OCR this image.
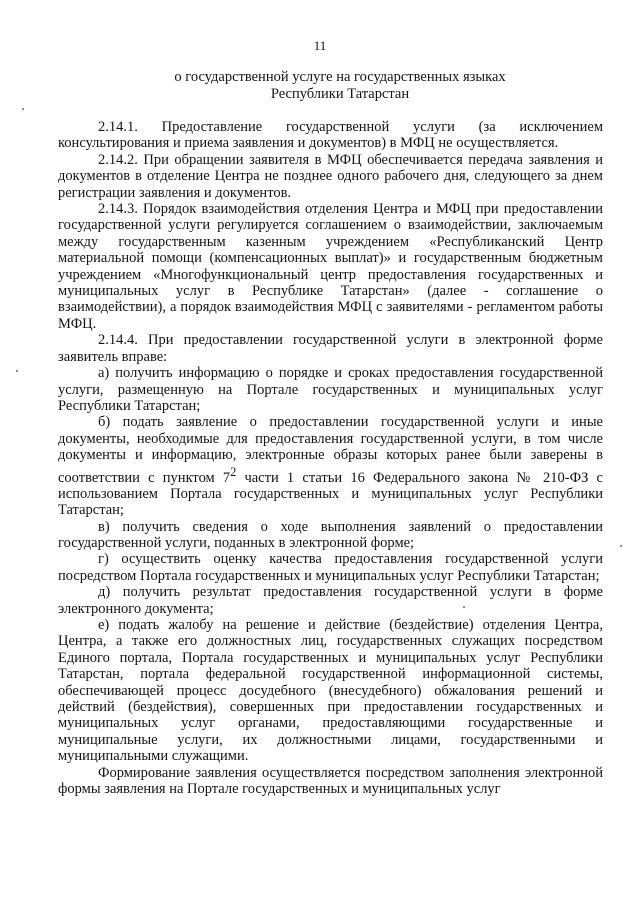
11
о государственной услуге на государственных языках
Республики Татарстан

2.14.1. Предоставление государственной услуги (за исключением консультирования и приема заявления и документов) в МФЦ не осуществляется.

2.14.2. При обращении заявителя в МФЦ обеспечивается передача заявления и документов в отделение Центра не позднее одного рабочего дня, следующего за днем регистрации заявления и документов.

2.14.3. Порядок взаимодействия отделения Центра и МФЦ при предоставлении государственной услуги регулируется соглашением о взаимодействии, заключаемым между государственным казенным учреждением «Республиканский Центр материальной помощи (компенсационных выплат)» и государственным бюджетным учреждением «Многофункциональный центр предоставления государственных и муниципальных услуг в Республике Татарстан» (далее - соглашение о взаимодействии), а порядок взаимодействия МФЦ с заявителями - регламентом работы МФЦ.

2.14.4. При предоставлении государственной услуги в электронной форме заявитель вправе:

а) получить информацию о порядке и сроках предоставления государственной услуги, размещенную на Портале государственных и муниципальных услуг Республики Татарстан;

б) подать заявление о предоставлении государственной услуги и иные документы, необходимые для предоставления государственной услуги, в том числе документы и информацию, электронные образы которых ранее были заверены в соответствии с пунктом $7^2$ части 1 статьи 16 Федерального закона № 210-ФЗ с использованием Портала государственных и муниципальных услуг Республики Татарстан;

в) получить сведения о ходе выполнения заявлений о предоставлении государственной услуги, поданных в электронной форме;

г) осуществить оценку качества предоставления государственной услуги посредством Портала государственных и муниципальных услуг Республики Татарстан;

д) получить результат предоставления государственной услуги в форме электронного документа;

е) подать жалобу на решение и действие (бездействие) отделения Центра, Центра, а также его должностных лиц, государственных служащих посредством Единого портала, Портала государственных и муниципальных услуг Республики Татарстан, портала федеральной государственной информационной системы, обеспечивающей процесс досудебного (внесудебного) обжалования решений и действий (бездействия), совершенных при предоставлении государственных и муниципальных услуг органами, предоставляющими государственные и муниципальные услуги, их должностными лицами, государственными и муниципальными служащими.

Формирование заявления осуществляется посредством заполнения электронной формы заявления на Портале государственных и муниципальных услуг
